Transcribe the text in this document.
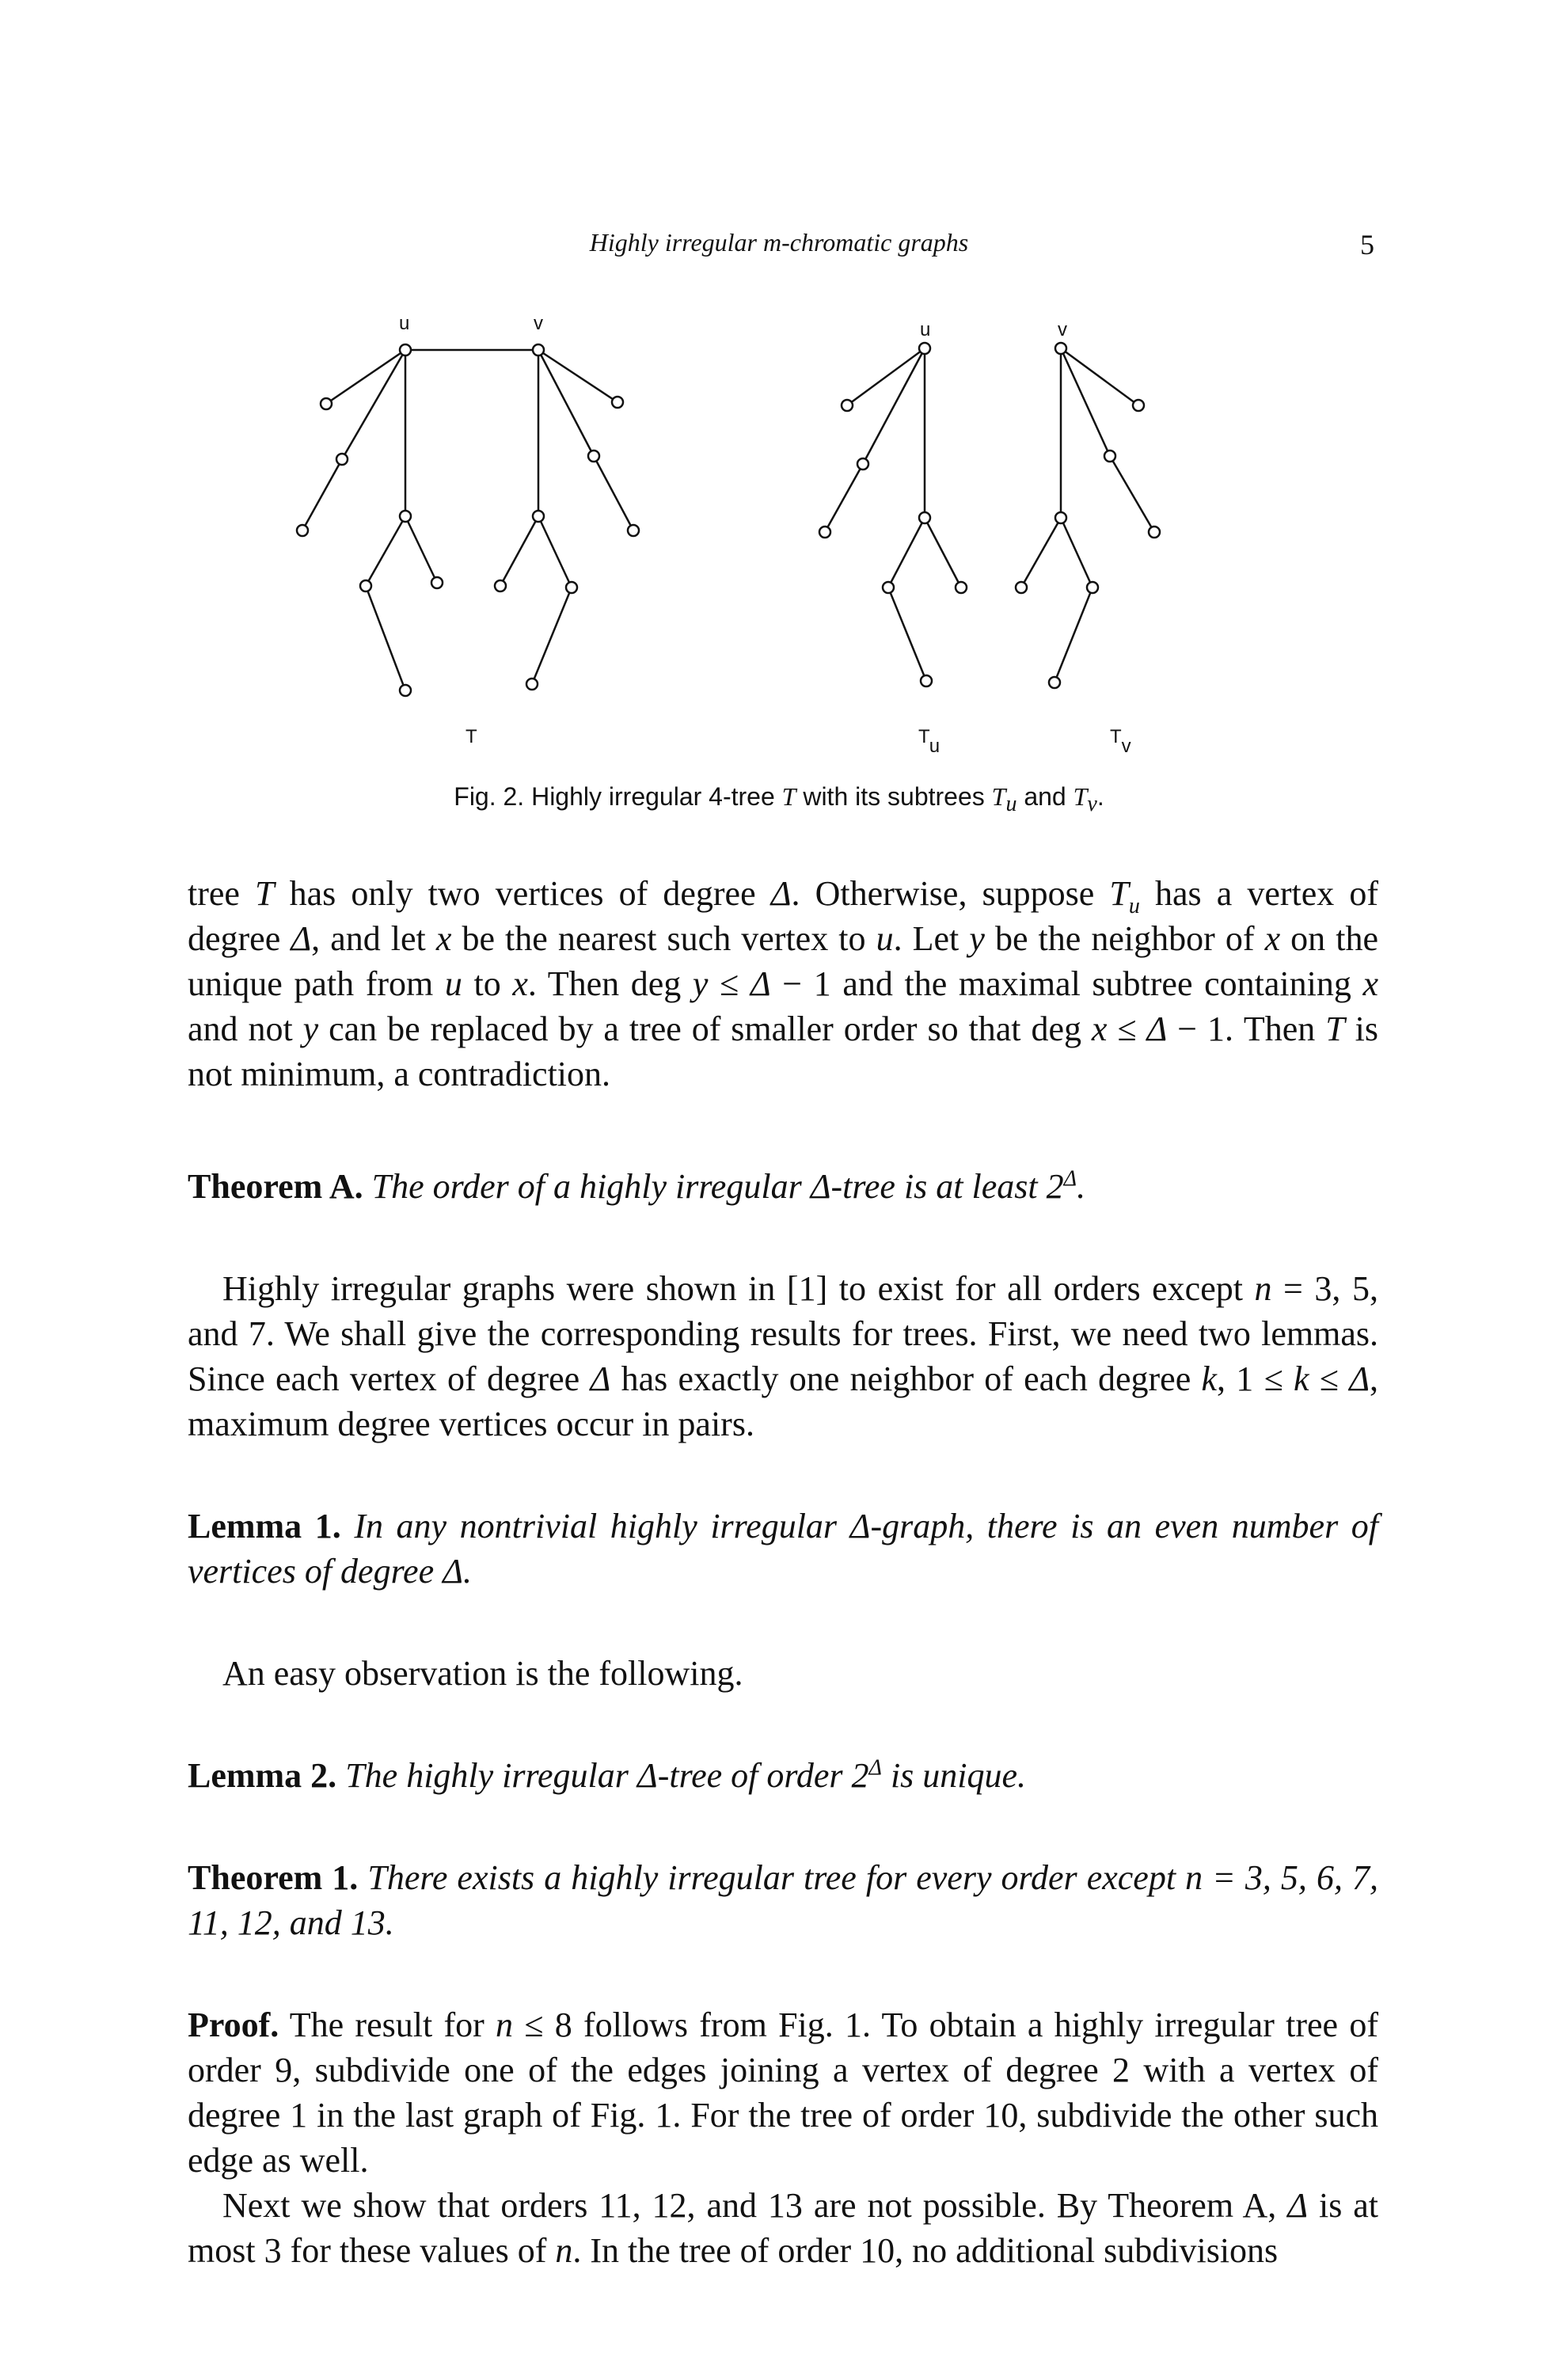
Highly irregular m-chromatic graphs	5
u	v
T
u
Tu
v
Tv
Fig. 2. Highly irregular 4-tree T with its subtrees $T_u$ and $T_v$.

tree T has only two vertices of degree Δ. Otherwise, suppose $T_u$ has a vertex of degree Δ, and let x be the nearest such vertex to u. Let y be the neighbor of x on the unique path from u to x. Then deg y ≤ Δ − 1 and the maximal subtree containing x and not y can be replaced by a tree of smaller order so that deg x ≤ Δ − 1. Then T is not minimum, a contradiction.

Theorem A. The order of a highly irregular Δ-tree is at least $2^\Delta$.

Highly irregular graphs were shown in [1] to exist for all orders except n = 3, 5, and 7. We shall give the corresponding results for trees. First, we need two lemmas. Since each vertex of degree Δ has exactly one neighbor of each degree k, 1 ≤ k ≤ Δ, maximum degree vertices occur in pairs.

Lemma 1. In any nontrivial highly irregular Δ-graph, there is an even number of vertices of degree Δ.

An easy observation is the following.

Lemma 2. The highly irregular Δ-tree of order $2^\Delta$ is unique.

Theorem 1. There exists a highly irregular tree for every order except n = 3, 5, 6, 7, 11, 12, and 13.

Proof. The result for n ≤ 8 follows from Fig. 1. To obtain a highly irregular tree of order 9, subdivide one of the edges joining a vertex of degree 2 with a vertex of degree 1 in the last graph of Fig. 1. For the tree of order 10, subdivide the other such edge as well.

Next we show that orders 11, 12, and 13 are not possible. By Theorem A, Δ is at most 3 for these values of n. In the tree of order 10, no additional subdivisions
